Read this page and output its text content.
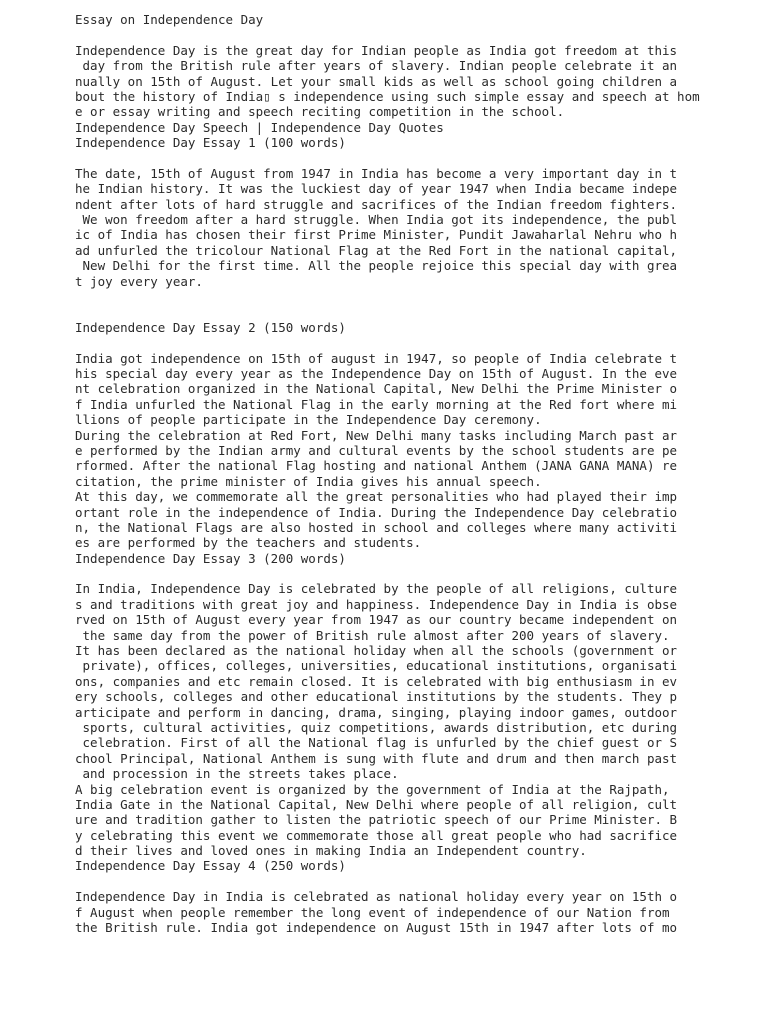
Essay on Independence Day
Independence Day is the great day for Indian people as India got freedom at this
day from the British rule after years of slavery. Indian people celebrate it an
nually on 15th of August. Let your small kids as well as school going children a
bout the history of India▯ s independence using such simple essay and speech at hom
e or essay writing and speech reciting competition in the school.
Independence Day Speech | Independence Day Quotes
Independence Day Essay 1 (100 words)
The date, 15th of August from 1947 in India has become a very important day in t
he Indian history. It was the luckiest day of year 1947 when India became indepe
ndent after lots of hard struggle and sacrifices of the Indian freedom fighters.
We won freedom after a hard struggle. When India got its independence, the publ
ic of India has chosen their first Prime Minister, Pundit Jawaharlal Nehru who h
ad unfurled the tricolour National Flag at the Red Fort in the national capital,
New Delhi for the first time. All the people rejoice this special day with grea
t joy every year.
Independence Day Essay 2 (150 words)
India got independence on 15th of august in 1947, so people of India celebrate t
his special day every year as the Independence Day on 15th of August. In the eve
nt celebration organized in the National Capital, New Delhi the Prime Minister o
f India unfurled the National Flag in the early morning at the Red fort where mi
llions of people participate in the Independence Day ceremony.
During the celebration at Red Fort, New Delhi many tasks including March past ar
e performed by the Indian army and cultural events by the school students are pe
rformed. After the national Flag hosting and national Anthem (JANA GANA MANA) re
citation, the prime minister of India gives his annual speech.
At this day, we commemorate all the great personalities who had played their imp
ortant role in the independence of India. During the Independence Day celebratio
n, the National Flags are also hosted in school and colleges where many activiti
es are performed by the teachers and students.
Independence Day Essay 3 (200 words)
In India, Independence Day is celebrated by the people of all religions, culture
s and traditions with great joy and happiness. Independence Day in India is obse
rved on 15th of August every year from 1947 as our country became independent on
the same day from the power of British rule almost after 200 years of slavery.
It has been declared as the national holiday when all the schools (government or
private), offices, colleges, universities, educational institutions, organisati
ons, companies and etc remain closed. It is celebrated with big enthusiasm in ev
ery schools, colleges and other educational institutions by the students. They p
articipate and perform in dancing, drama, singing, playing indoor games, outdoor
sports, cultural activities, quiz competitions, awards distribution, etc during
celebration. First of all the National flag is unfurled by the chief guest or S
chool Principal, National Anthem is sung with flute and drum and then march past
and procession in the streets takes place.
A big celebration event is organized by the government of India at the Rajpath,
India Gate in the National Capital, New Delhi where people of all religion, cult
ure and tradition gather to listen the patriotic speech of our Prime Minister. B
y celebrating this event we commemorate those all great people who had sacrifice
d their lives and loved ones in making India an Independent country.
Independence Day Essay 4 (250 words)
Independence Day in India is celebrated as national holiday every year on 15th o
f August when people remember the long event of independence of our Nation from
the British rule. India got independence on August 15th in 1947 after lots of mo
